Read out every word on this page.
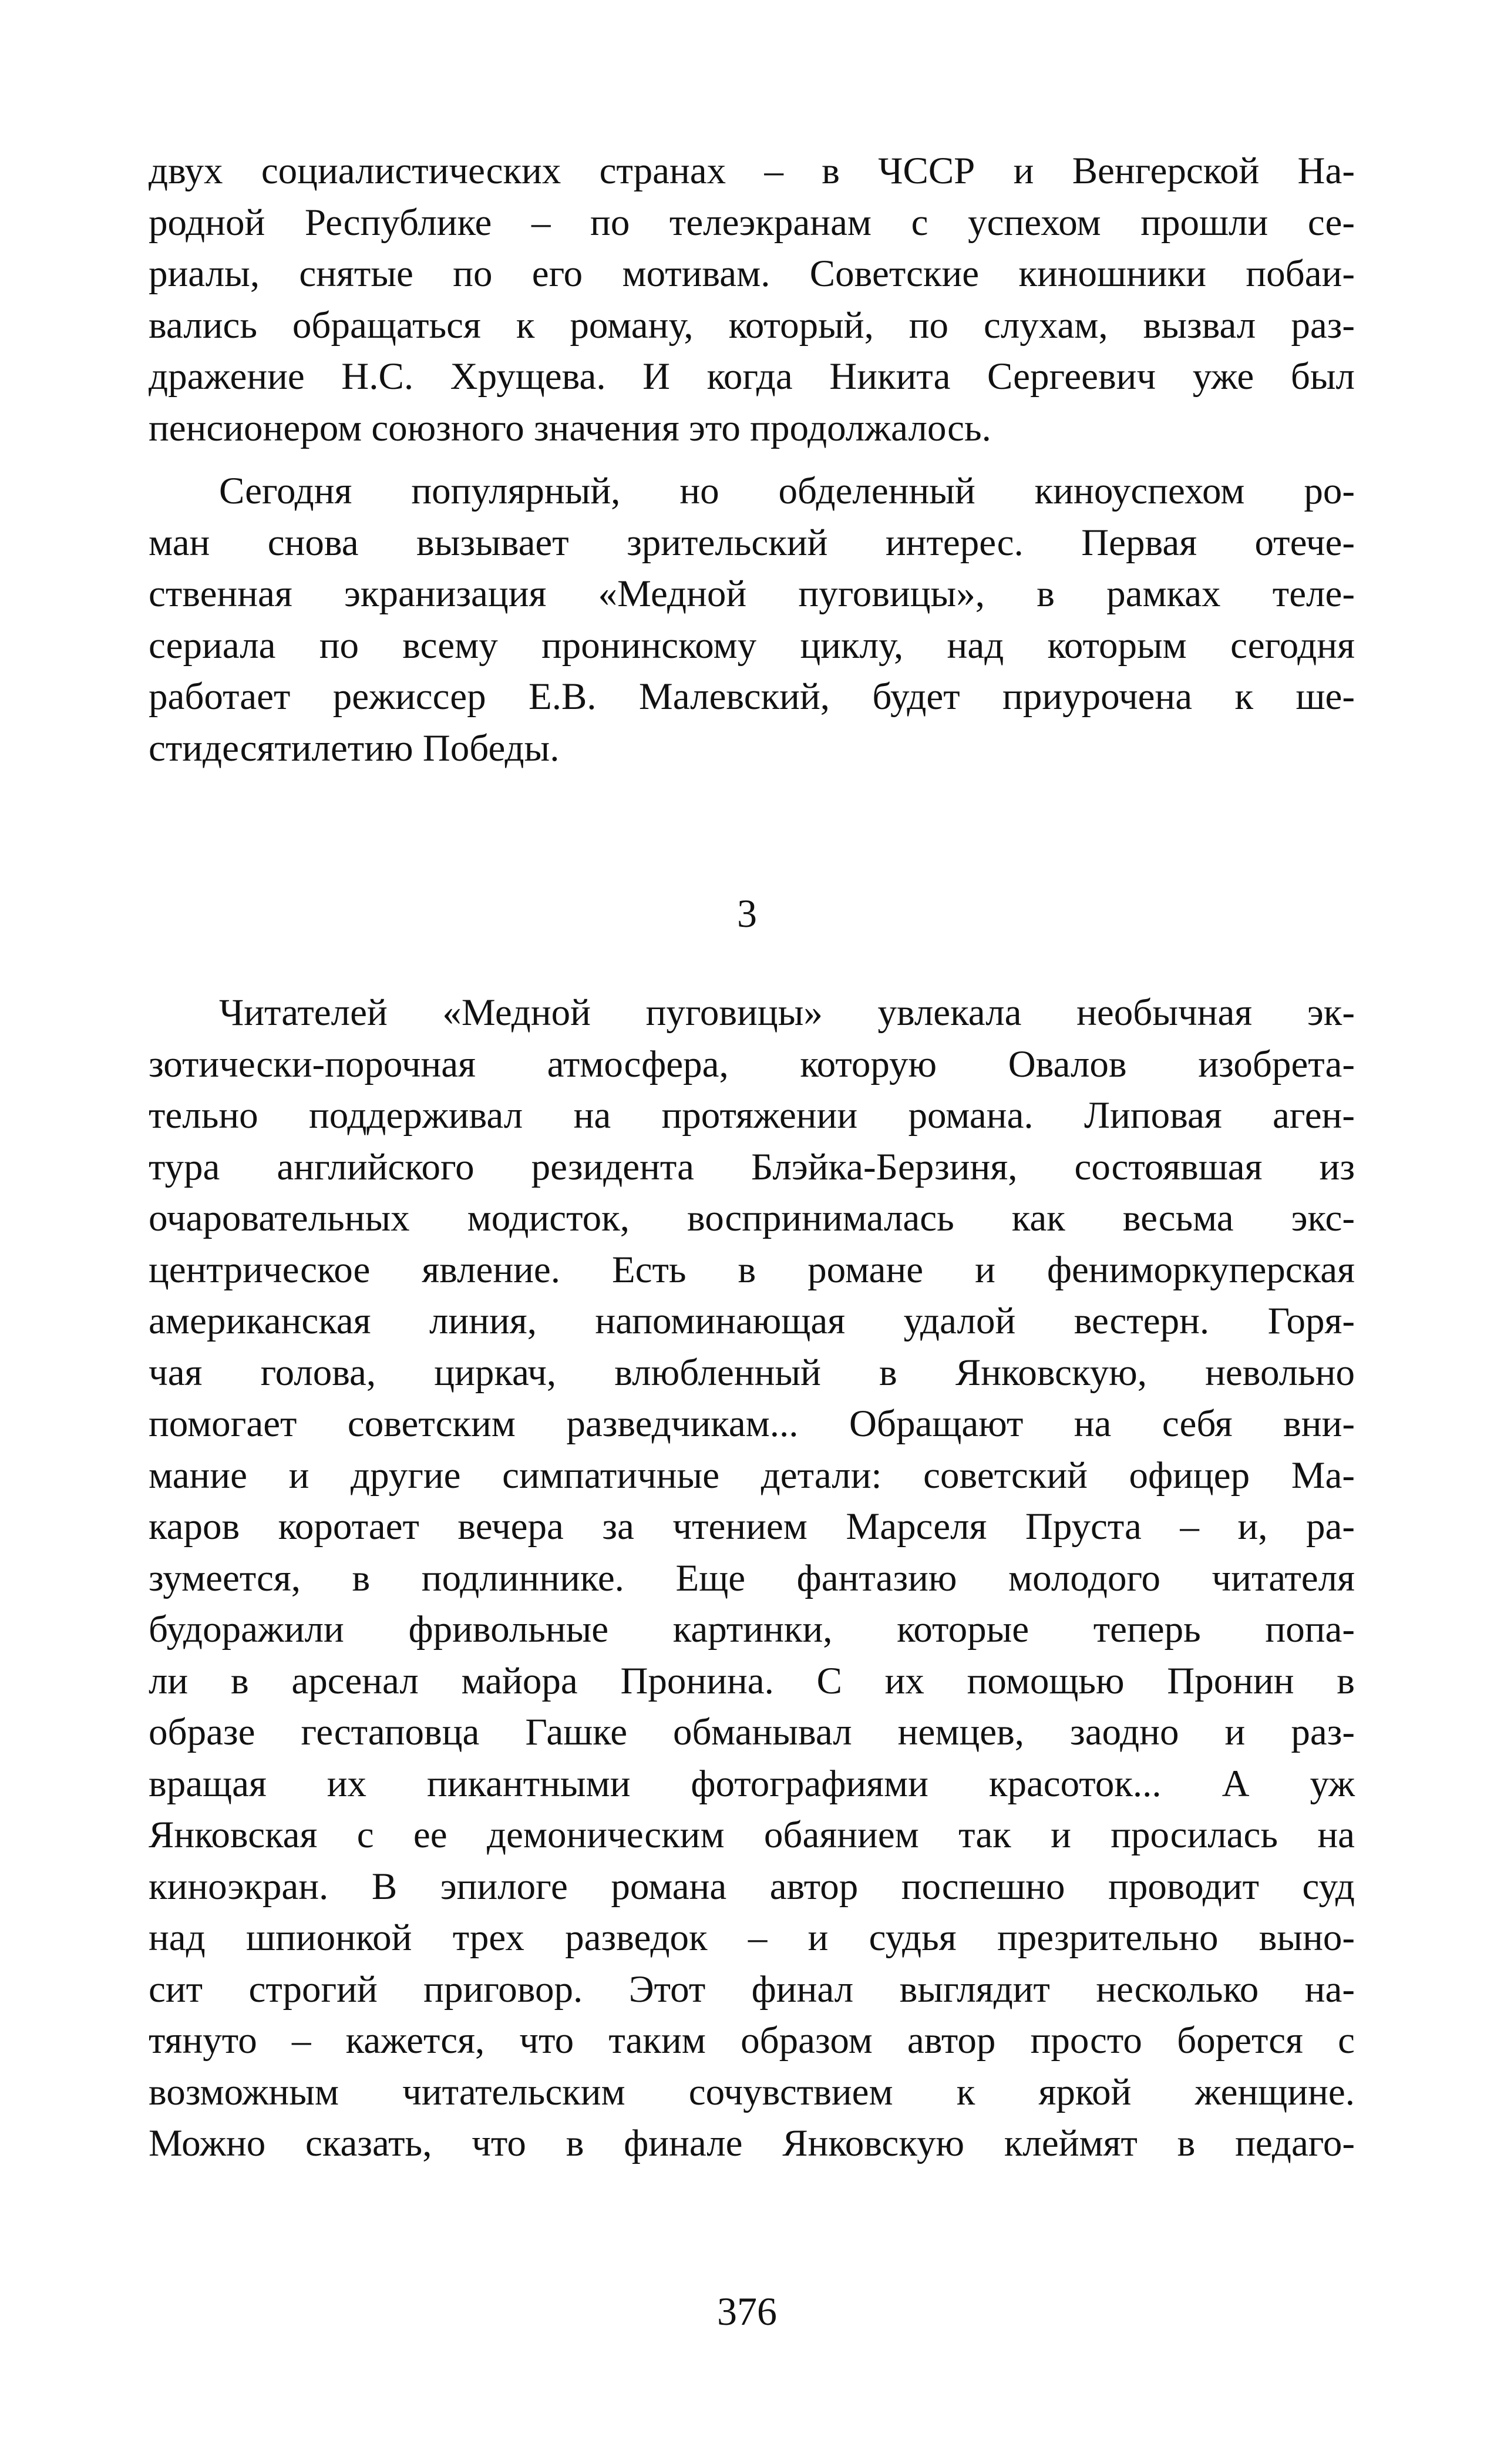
двух социалистических странах – в ЧССР и Венгерской На-
родной Республике – по телеэкранам с успехом прошли се-
риалы, снятые по его мотивам. Советские киношники побаи-
вались обращаться к роману, который, по слухам, вызвал раз-
дражение Н.С. Хрущева. И когда Никита Сергеевич уже был
пенсионером союзного значения это продолжалось.
Сегодня популярный, но обделенный киноуспехом ро-
ман снова вызывает зрительский интерес. Первая отече-
ственная экранизация «Медной пуговицы», в рамках теле-
сериала по всему пронинскому циклу, над которым сегодня
работает режиссер Е.В. Малевский, будет приурочена к ше-
стидесятилетию Победы.
3
Читателей «Медной пуговицы» увлекала необычная эк-
зотически-порочная атмосфера, которую Овалов изобрета-
тельно поддерживал на протяжении романа. Липовая аген-
тура английского резидента Блэйка-Берзиня, состоявшая из
очаровательных модисток, воспринималась как весьма экс-
центрическое явление. Есть в романе и фениморкуперская
американская линия, напоминающая удалой вестерн. Горя-
чая голова, циркач, влюбленный в Янковскую, невольно
помогает советским разведчикам... Обращают на себя вни-
мание и другие симпатичные детали: советский офицер Ма-
каров коротает вечера за чтением Марселя Пруста – и, ра-
зумеется, в подлиннике. Еще фантазию молодого читателя
будоражили фривольные картинки, которые теперь попа-
ли в арсенал майора Пронина. С их помощью Пронин в
образе гестаповца Гашке обманывал немцев, заодно и раз-
вращая их пикантными фотографиями красоток... А уж
Янковская с ее демоническим обаянием так и просилась на
киноэкран. В эпилоге романа автор поспешно проводит суд
над шпионкой трех разведок – и судья презрительно выно-
сит строгий приговор. Этот финал выглядит несколько на-
тянуто – кажется, что таким образом автор просто борется с
возможным читательским сочувствием к яркой женщине.
Можно сказать, что в финале Янковскую клеймят в педаго-
376
